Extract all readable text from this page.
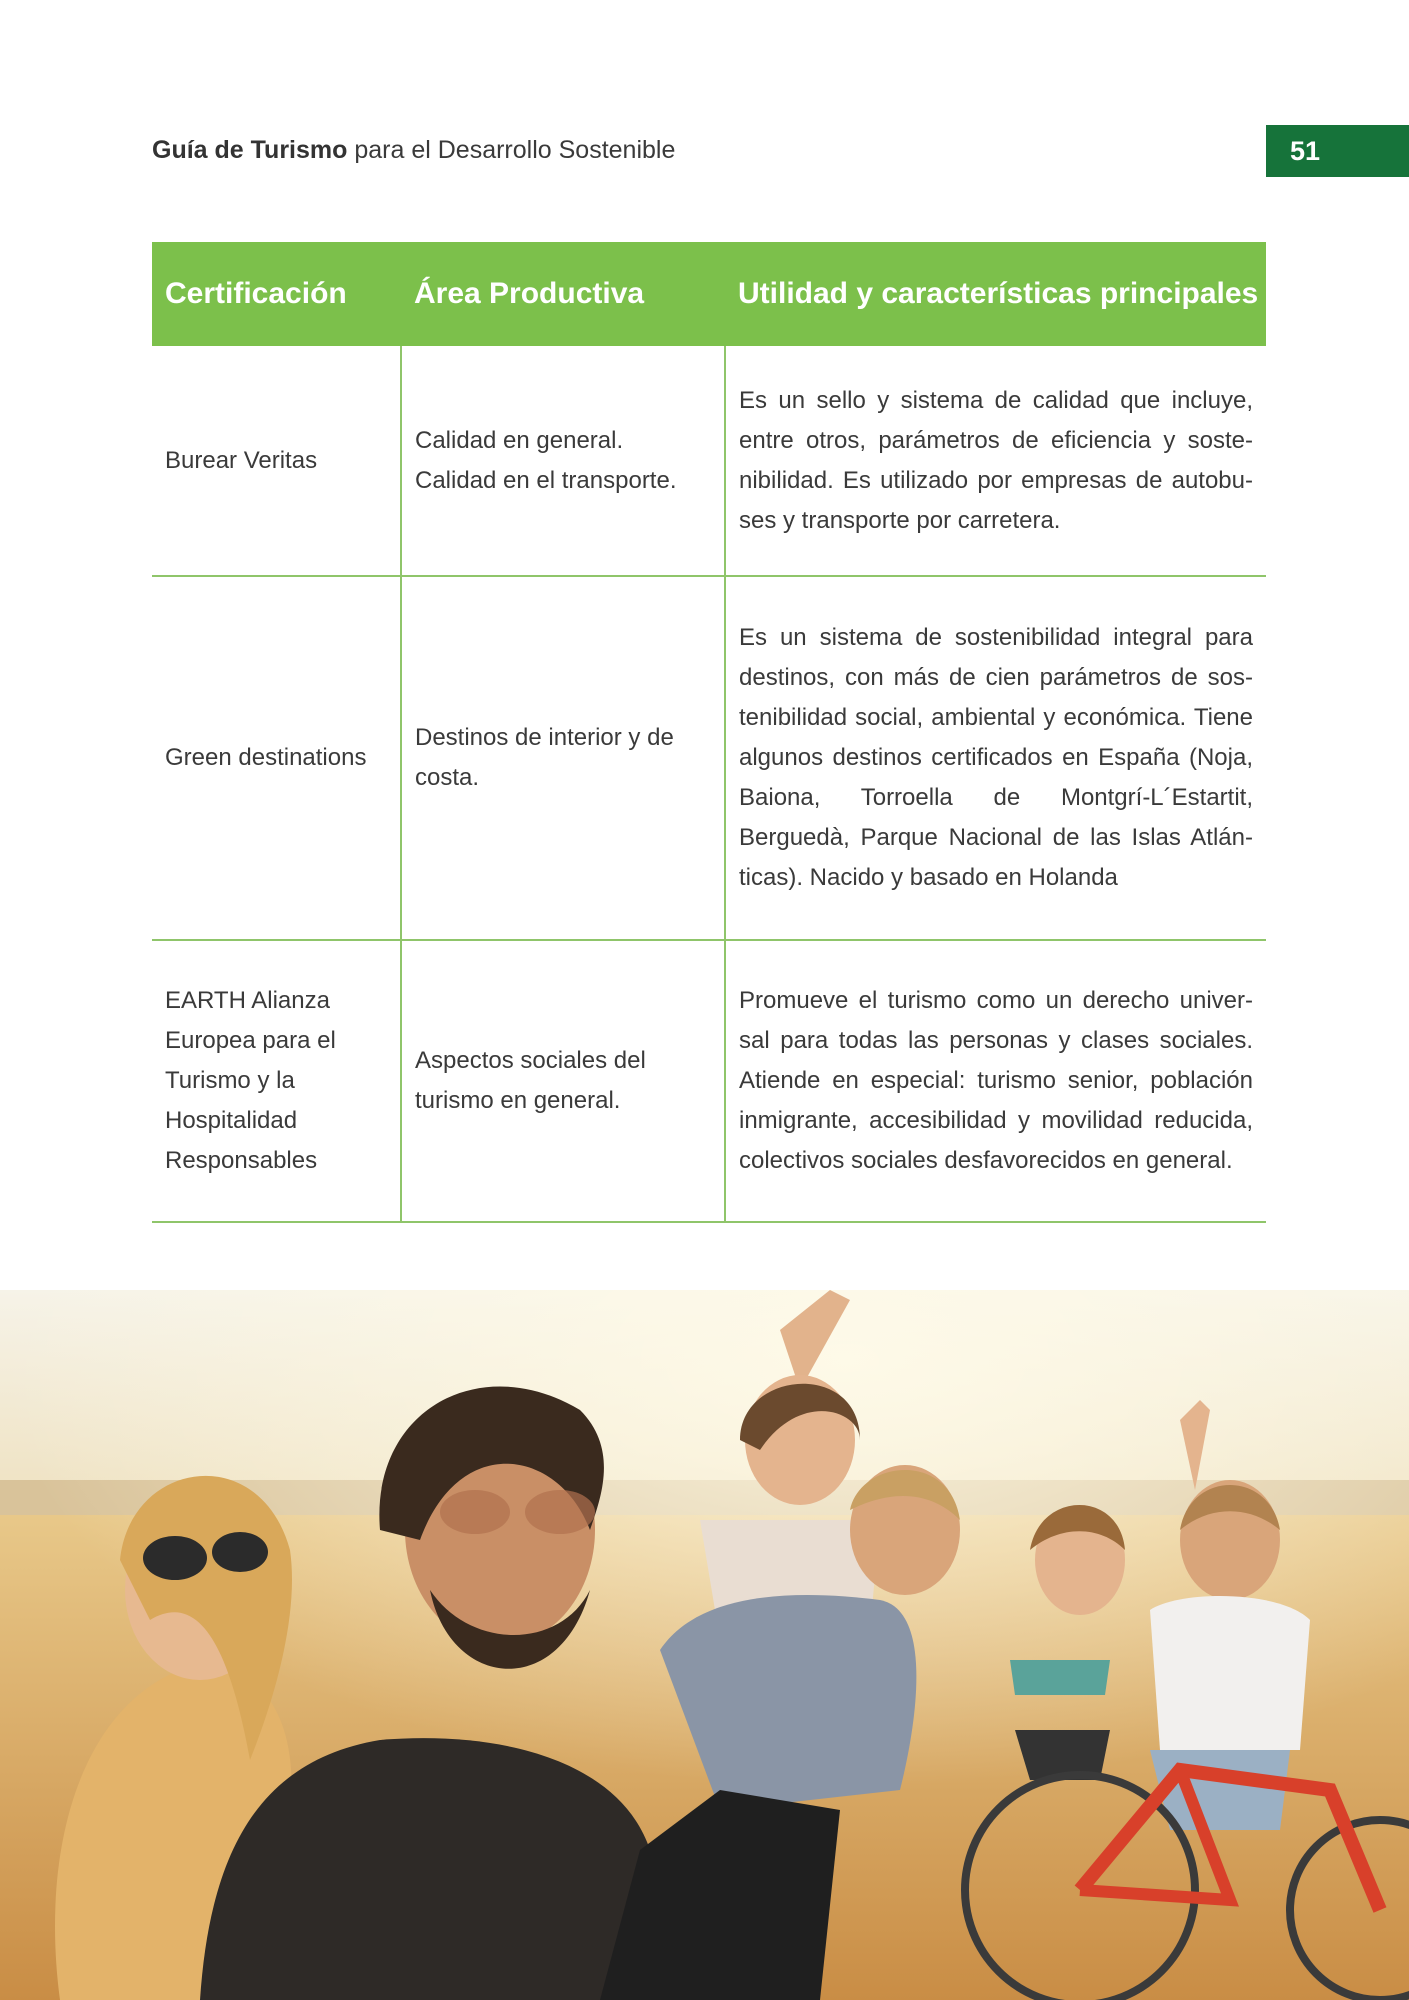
Guía de Turismo para el Desarrollo Sostenible	51
Certificación	Área Productiva	Utilidad y características principales
Burear Veritas	Calidad en general. Calidad en el transporte.	Es un sello y sistema de calidad que incluye, entre otros, parámetros de eficiencia y sostenibilidad. Es utilizado por empresas de autobuses y transporte por carretera.
Green destinations	Destinos de interior y de costa.	Es un sistema de sostenibilidad integral para destinos, con más de cien parámetros de sostenibilidad social, ambiental y económica. Tiene algunos destinos certificados en España (Noja, Baiona, Torroella de Montgrí-L´Estartit, Berguedà, Parque Nacional de las Islas Atlánticas). Nacido y basado en Holanda
EARTH Alianza Europea para el Turismo y la Hospitalidad Responsables	Aspectos sociales del turismo en general.	Promueve el turismo como un derecho universal para todas las personas y clases sociales. Atiende en especial: turismo senior, población inmigrante, accesibilidad y movilidad reducida, colectivos sociales desfavorecidos en general.
